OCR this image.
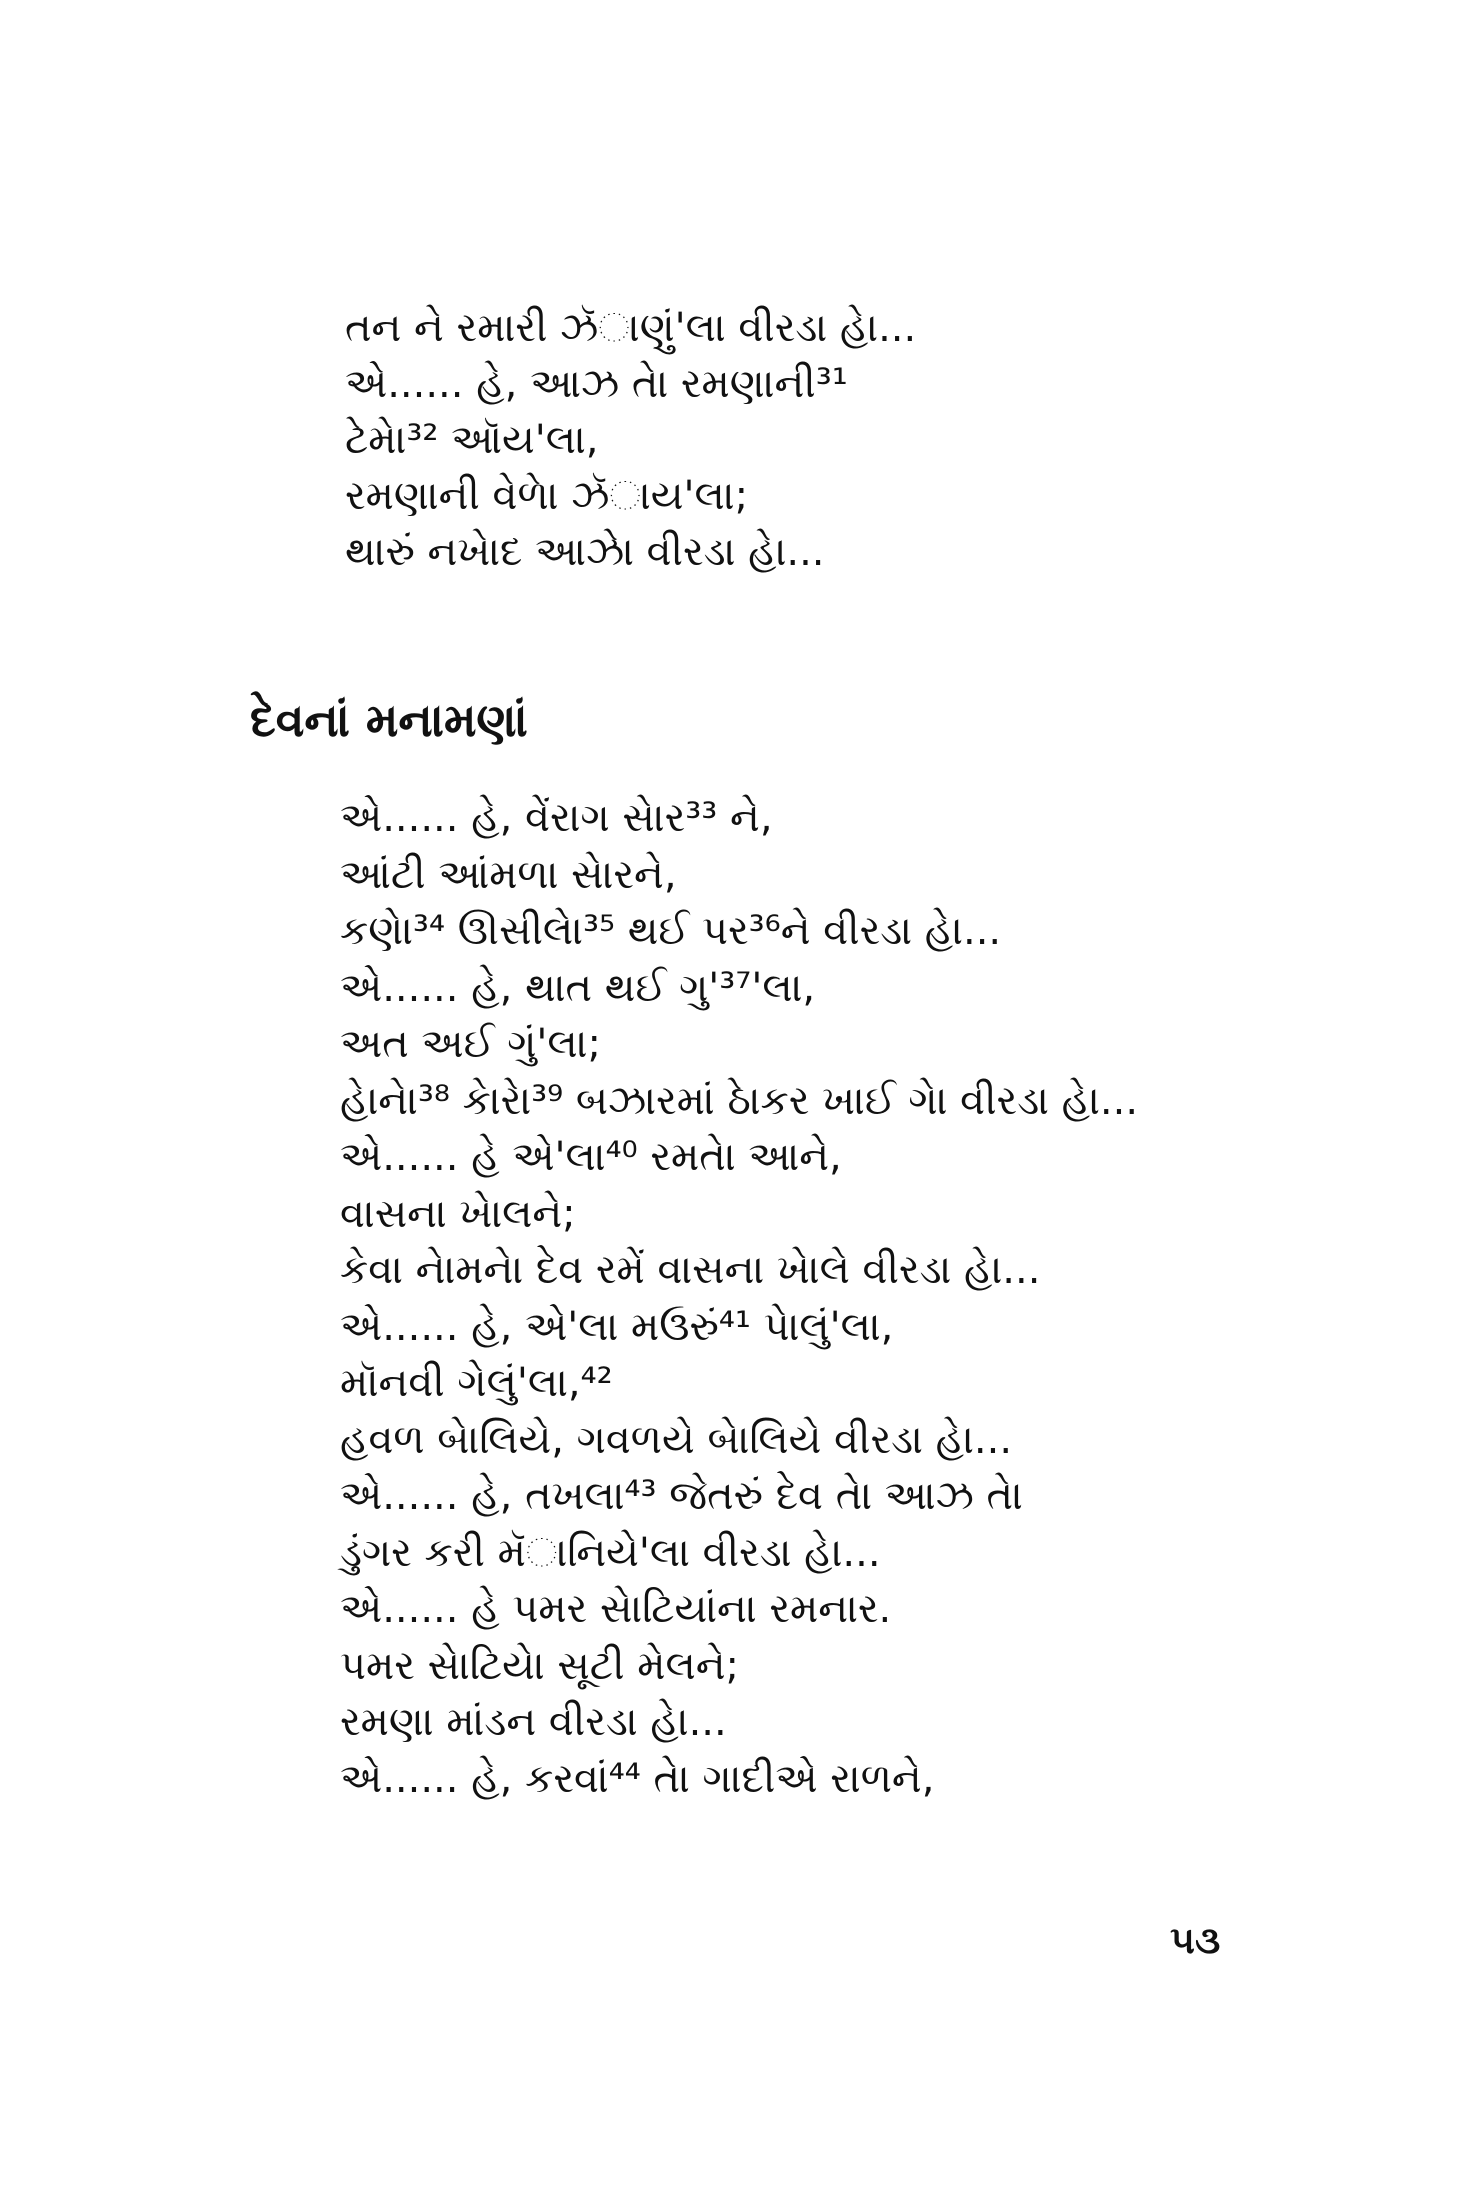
તન ને રમારી ઝૅાણું'લા વીરડા હેા...
એ...... હે, આઝ તેા રમણાની³¹
ટેમેા³² ઑય'લા,
રમણાની વેળેા ઝૅાય'લા;
થારું નખેાદ આઝેા વીરડા હેા...
દેવનાં મનામણાં
એ...... હે, વેંરાગ સેાર³³ ને,
આંટી આંમળા સેારને,
કણેા³⁴ ઊસીલેા³⁵ થઈ પર³⁶ને વીરડા હેા...
એ...... હે, થાત થઈ ગુ'³⁷'લા,
અત અઈ ગું'લા;
હેાનેા³⁸ કેારેા³⁹ બઝારમાં ઠેાકર ખાઈ ગેા વીરડા હેા...
એ...... હે એ'લા⁴⁰ રમતેા આને,
વાસના ખેાલને;
કેવા નેામનેા દેવ રમેં વાસના ખેાલે વીરડા હેા...
એ...... હે, એ'લા મઉરું⁴¹ પેાલું'લા,
મૉનવી ગેલું'લા,⁴²
હવળ બેાલિયે, ગવળયે બેાલિયે વીરડા હેા...
એ...... હે, તખલા⁴³ જેતરું દેવ તેા આઝ તેા
ડુંગર કરી મૅાનિયે'લા વીરડા હેા...
એ...... હે પમર સેાટિયાંના રમનાર.
પમર સેાટિયેા સૂટી મેલને;
રમણા માંડન વીરડા હેા...
એ...... હે, કરવાં⁴⁴ તેા ગાદીએ રાળને,
૫૩
